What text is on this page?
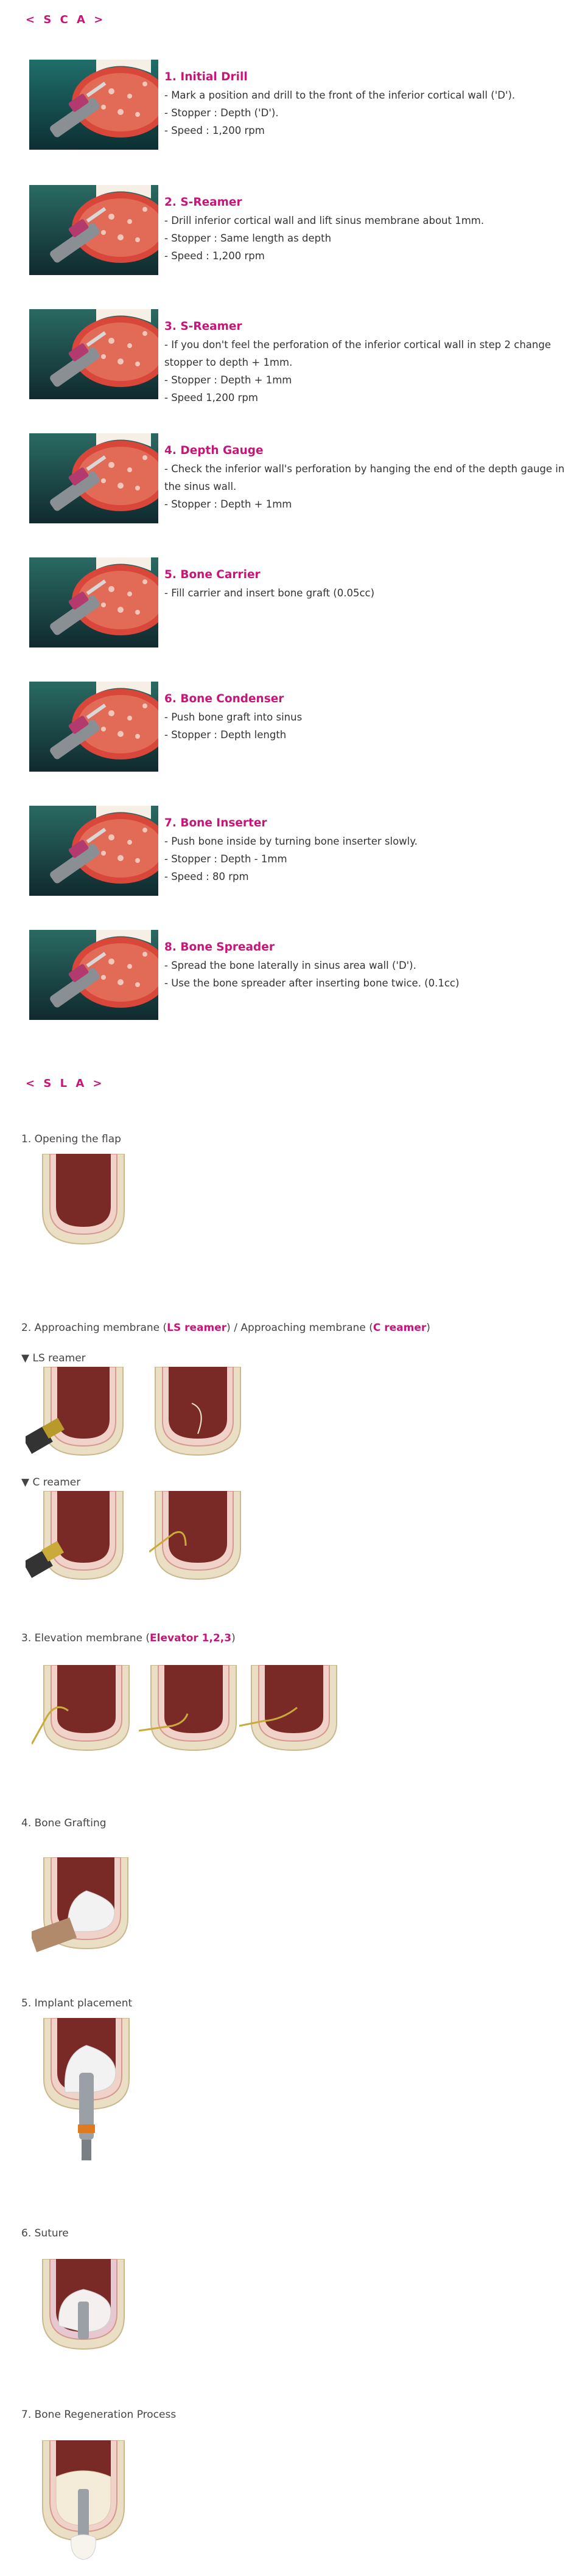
< S C A >

1. Initial Drill

- Mark a position and drill to the front of the inferior cortical wall ('D').

- Stopper : Depth ('D').

- Speed : 1,200 rpm

2. S-Reamer

- Drill inferior cortical wall and lift sinus membrane about 1mm.

- Stopper : Same length as depth

- Speed : 1,200 rpm

3. S-Reamer

- If you don't feel the perforation of the inferior cortical wall in step 2 change stopper to depth + 1mm.

- Stopper : Depth + 1mm

- Speed 1,200 rpm

4. Depth Gauge

- Check the inferior wall's perforation by hanging the end of the depth gauge in the sinus wall.

- Stopper : Depth + 1mm

5. Bone Carrier

- Fill carrier and insert bone graft (0.05cc)

6. Bone Condenser

- Push bone graft into sinus

- Stopper : Depth length

7. Bone Inserter

- Push bone inside by turning bone inserter slowly.

- Stopper : Depth - 1mm

- Speed : 80 rpm

8. Bone Spreader

- Spread the bone laterally in sinus area wall ('D').

- Use the bone spreader after inserting bone twice. (0.1cc)

< S L A >

1. Opening the flap

2. Approaching membrane (LS reamer) / Approaching membrane (C reamer)

▼ LS reamer

▼ C reamer

3. Elevation membrane (Elevator 1,2,3)

4. Bone Grafting

5. Implant placement

6. Suture

7. Bone Regeneration Process
